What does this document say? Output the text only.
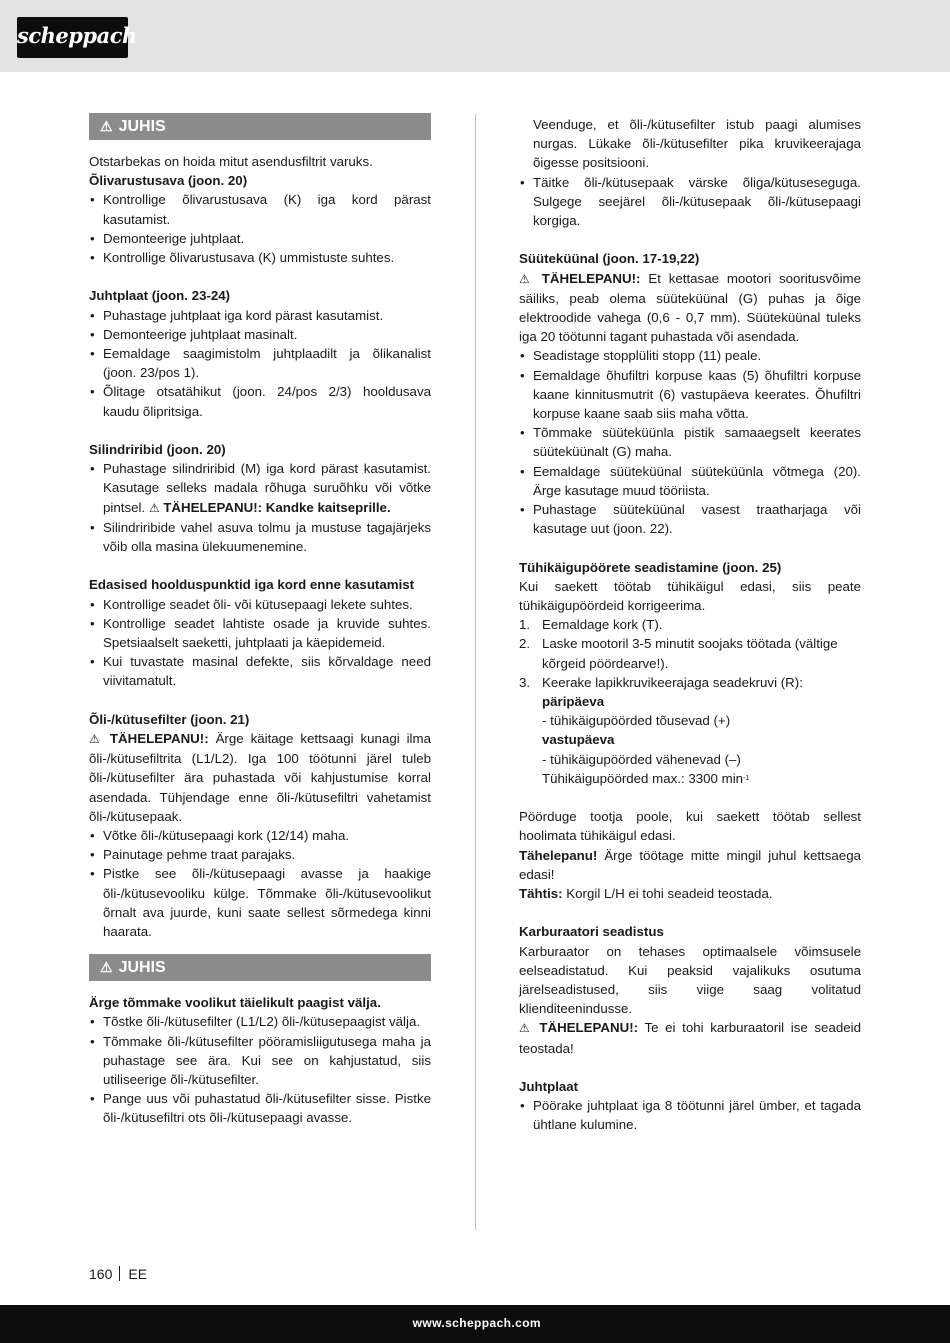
scheppach
⚠ JUHIS

Otstarbekas on hoida mitut asendusfiltrit varuks.

Õlivarustusava (joon. 20)
• Kontrollige õlivarustusava (K) iga kord pärast kasutamist.
• Demonteerige juhtplaat.
• Kontrollige õlivarustusava (K) ummistuste suhtes.
Juhtplaat (joon. 23-24)
• Puhastage juhtplaat iga kord pärast kasutamist.
• Demonteerige juhtplaat masinalt.
• Eemaldage saagimistolm juhtplaadilt ja õlikanalist (joon. 23/pos 1).
• Õlitage otsatähikut (joon. 24/pos 2/3) hooldusava kaudu õlipritsiga.
Silindriribid (joon. 20)
• Puhastage silindriribid (M) iga kord pärast kasutamist. Kasutage selleks madala rõhuga suruõhku või võtke pintsel. ⚠ TÄHELEPANU!: Kandke kaitseprille.
• Silindriribide vahel asuva tolmu ja mustuse tagajärjeks võib olla masina ülekuumenemine.
Edasised hoolduspunktid iga kord enne kasutamist
• Kontrollige seadet õli- või kütusepaagi lekete suhtes.
• Kontrollige seadet lahtiste osade ja kruvide suhtes. Spetsiaalselt saeketti, juhtplaati ja käepidemeid.
• Kui tuvastate masinal defekte, siis kõrvaldage need viivitamatult.
Õli-/kütusefilter (joon. 21)

⚠ TÄHELEPANU!: Ärge käitage kettsaagi kunagi ilma õli-/kütusefiltrita (L1/L2). Iga 100 töötunni järel tuleb õli-/kütusefilter ära puhastada või kahjustumise korral asendada. Tühjendage enne õli-/kütusefiltri vahetamist õli-/kütusepaak.

• Võtke õli-/kütusepaagi kork (12/14) maha.
• Painutage pehme traat parajaks.
• Pistke see õli-/kütusepaagi avasse ja haakige õli-/kütusevooliku külge. Tõmmake õli-/kütusevoolikut õrnalt ava juurde, kuni saate sellest sõrmedega kinni haarata.
⚠ JUHIS
Ärge tõmmake voolikut täielikult paagist välja.
• Tõstke õli-/kütusefilter (L1/L2) õli-/kütusepaagist välja.
• Tõmmake õli-/kütusefilter pööramisliigutusega maha ja puhastage see ära. Kui see on kahjustatud, siis utiliseerige õli-/kütusefilter.
• Pange uus või puhastatud õli-/kütusefilter sisse. Pistke õli-/kütusefiltri ots õli-/kütusepaagi avasse.

Veenduge, et õli-/kütusefilter istub paagi alumises nurgas. Lükake õli-/kütusefilter pika kruvikeerajaga õigesse positsiooni.

• Täitke õli-/kütusepaak värske õliga/kütuseseguga. Sulgege seejärel õli-/kütusepaak õli-/kütusepaagi korgiga.
Süüteküünal (joon. 17-19,22)

⚠ TÄHELEPANU!: Et kettasae mootori sooritusvõime säiliks, peab olema süüteküünal (G) puhas ja õige elektroodide vahega (0,6 - 0,7 mm). Süüteküünal tuleks iga 20 töötunni tagant puhastada või asendada.

• Seadistage stopplüliti stopp (11) peale.
• Eemaldage õhufiltri korpuse kaas (5) õhufiltri korpuse kaane kinnitusmutrit (6) vastupäeva keerates. Õhufiltri korpuse kaane saab siis maha võtta.
• Tõmmake süüteküünla pistik samaaegselt keerates süüteküünalt (G) maha.
• Eemaldage süüteküünal süüteküünla võtmega (20). Ärge kasutage muud tööriista.
• Puhastage süüteküünal vasest traatharjaga või kasutage uut (joon. 22).
Tühikäigupöörete seadistamine (joon. 25)

Kui saekett töötab tühikäigul edasi, siis peate tühikäigupöördeid korrigeerima.

1. Eemaldage kork (T).
2. Laske mootoril 3-5 minutit soojaks töötada (vältige kõrgeid pöördearve!).
3. Keerake lapikkruvikeerajaga seadekruvi (R):
päripäeva
- tühikäigupöörded tõusevad (+)
vastupäeva
- tühikäigupöörded vähenevad (–)
Tühikäigupöörded max.: 3300 $\min^{-1}$

Pöörduge tootja poole, kui saekett töötab sellest hoolimata tühikäigul edasi.

Tähelepanu! Ärge töötage mitte mingil juhul kettsaega edasi!

Tähtis: Korgil L/H ei tohi seadeid teostada.

Karburaatori seadistus

Karburaator on tehases optimaalsele võimsusele eelseadistatud. Kui peaksid vajalikuks osutuma järelseadistused, siis viige saag volitatud klienditeenindusse.

⚠ TÄHELEPANU!: Te ei tohi karburaatoril ise seadeid teostada!

Juhtplaat
• Pöörake juhtplaat iga 8 töötunni järel ümber, et tagada ühtlane kulumine.
160 EE
www.scheppach.com
